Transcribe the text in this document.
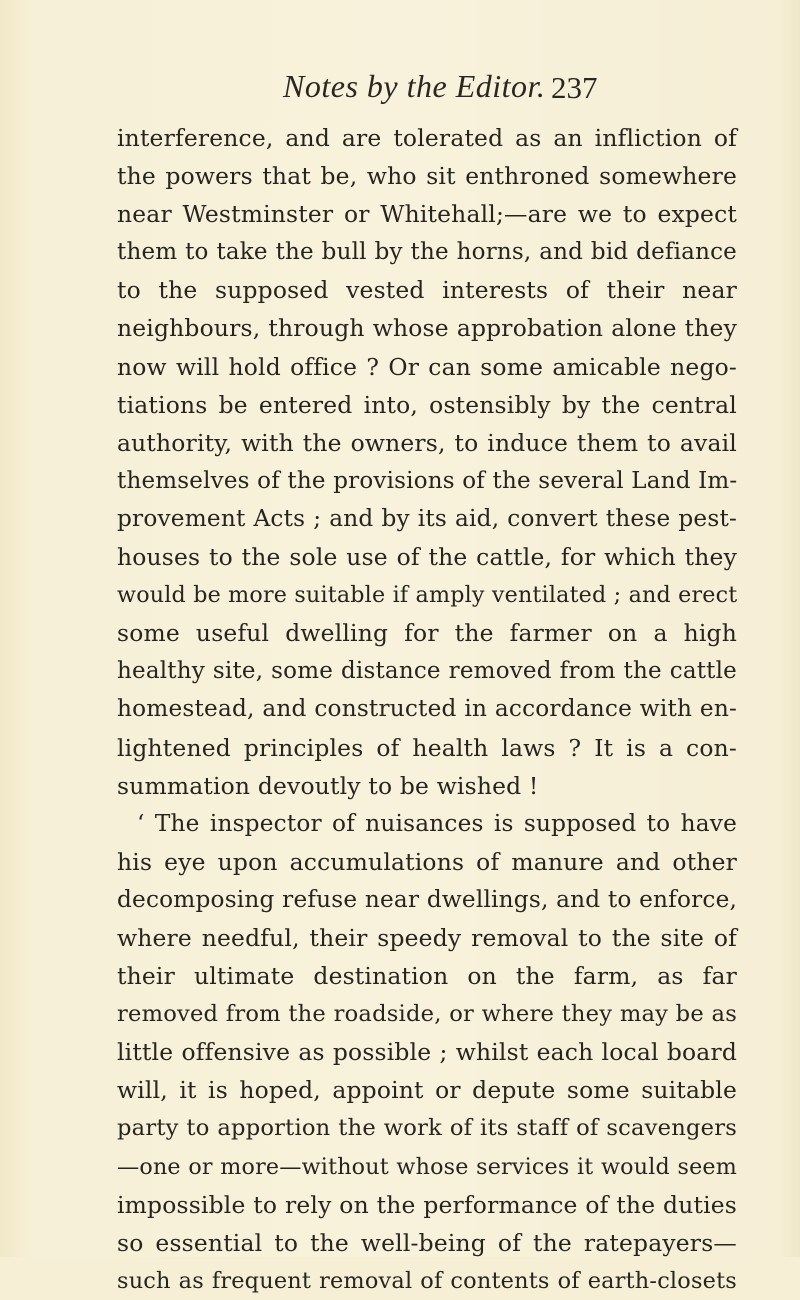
Notes by the Editor. 237
interference, and are tolerated as an infliction of
the powers that be, who sit enthroned somewhere
near Westminster or Whitehall;—are we to expect
them to take the bull by the horns, and bid defiance
to the supposed vested interests of their near
neighbours, through whose approbation alone they
now will hold office ? Or can some amicable nego-
tiations be entered into, ostensibly by the central
authority, with the owners, to induce them to avail
themselves of the provisions of the several Land Im-
provement Acts ; and by its aid, convert these pest-
houses to the sole use of the cattle, for which they
would be more suitable if amply ventilated ; and erect
some useful dwelling for the farmer on a high
healthy site, some distance removed from the cattle
homestead, and constructed in accordance with en-
lightened principles of health laws ? It is a con-
summation devoutly to be wished !
‘ The inspector of nuisances is supposed to have
his eye upon accumulations of manure and other
decomposing refuse near dwellings, and to enforce,
where needful, their speedy removal to the site of
their ultimate destination on the farm, as far
removed from the roadside, or where they may be as
little offensive as possible ; whilst each local board
will, it is hoped, appoint or depute some suitable
party to apportion the work of its staff of scavengers
—one or more—without whose services it would seem
impossible to rely on the performance of the duties
so essential to the well-being of the ratepayers—
such as frequent removal of contents of earth-closets
